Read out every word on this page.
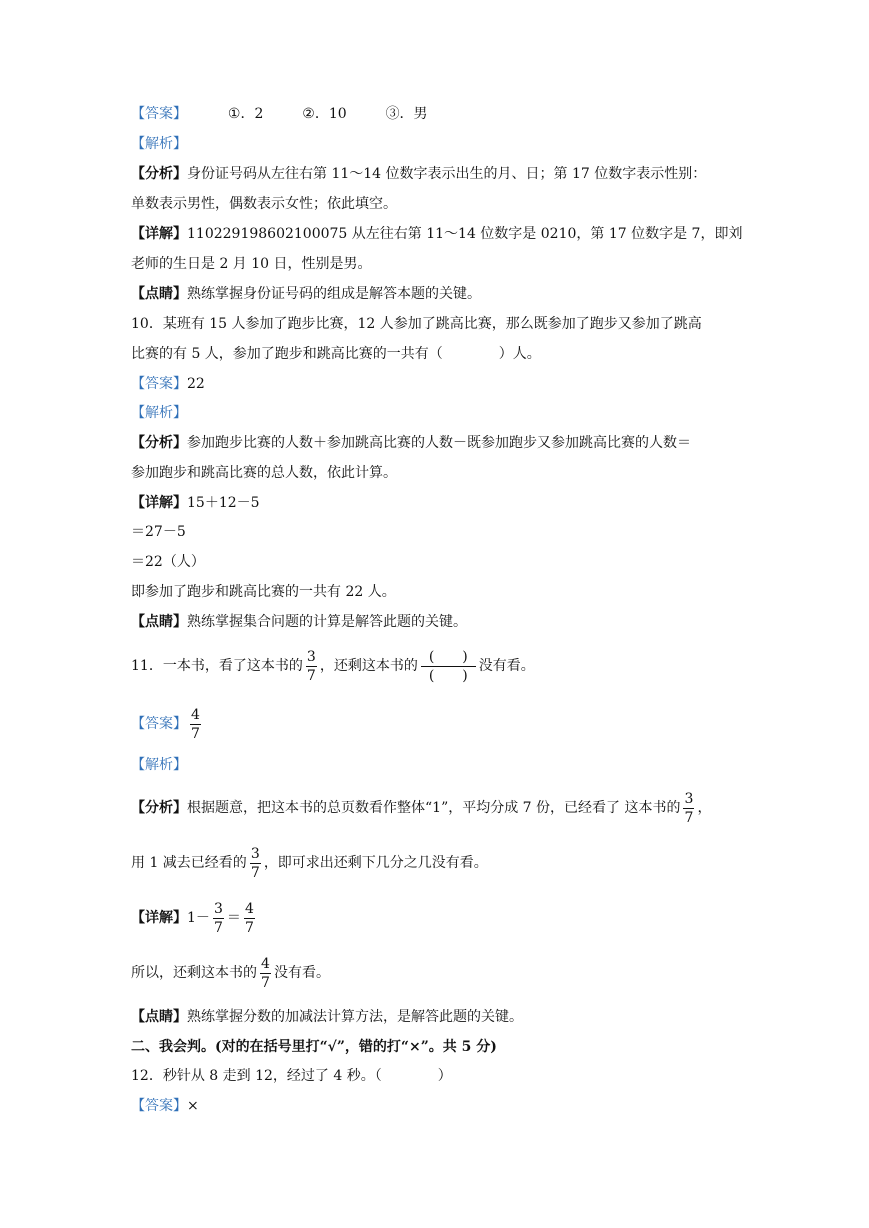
【答案】	①．2	②．10	③．男
【解析】
【分析】身份证号码从左往右第 11～14 位数字表示出生的月、日；第 17 位数字表示性别：
单数表示男性，偶数表示女性；依此填空。
【详解】110229198602100075 从左往右第 11～14 位数字是 0210，第 17 位数字是 7，即刘
老师的生日是 2 月 10 日，性别是男。
【点睛】熟练掌握身份证号码的组成是解答本题的关键。
10．某班有 15 人参加了跑步比赛，12 人参加了跳高比赛，那么既参加了跑步又参加了跳高
比赛的有 5 人，参加了跑步和跳高比赛的一共有（　　　　）人。
【答案】22
【解析】
【分析】参加跑步比赛的人数＋参加跳高比赛的人数－既参加跑步又参加跳高比赛的人数＝
参加跑步和跳高比赛的总人数，依此计算。
【详解】15＋12－5
＝27－5
＝22（人）
即参加了跑步和跳高比赛的一共有 22 人。
【点睛】熟练掌握集合问题的计算是解答此题的关键。
11．一本书，看了这本书的 $\frac{3}{7}$ ，还剩这本书的 $\frac{( )}{( )}$ 没有看。
【答案】 $\frac{4}{7}$
【解析】
【分析】根据题意，把这本书的总页数看作整体“1”，平均分成 7 份，已经看了 这本书的 $\frac{3}{7}$ ，
用 1 减去已经看的 $\frac{3}{7}$ ，即可求出还剩下几分之几没有看。
【详解】$1- \frac{3}{7} = \frac{4}{7}$
所以，还剩这本书的 $\frac{4}{7}$ 没有看。
【点睛】熟练掌握分数的加减法计算方法，是解答此题的关键。
二、我会判。(对的在括号里打“√”，错的打“×”。共 5 分)
12．秒针从 8 走到 12，经过了 4 秒。（　　　　）
【答案】×
